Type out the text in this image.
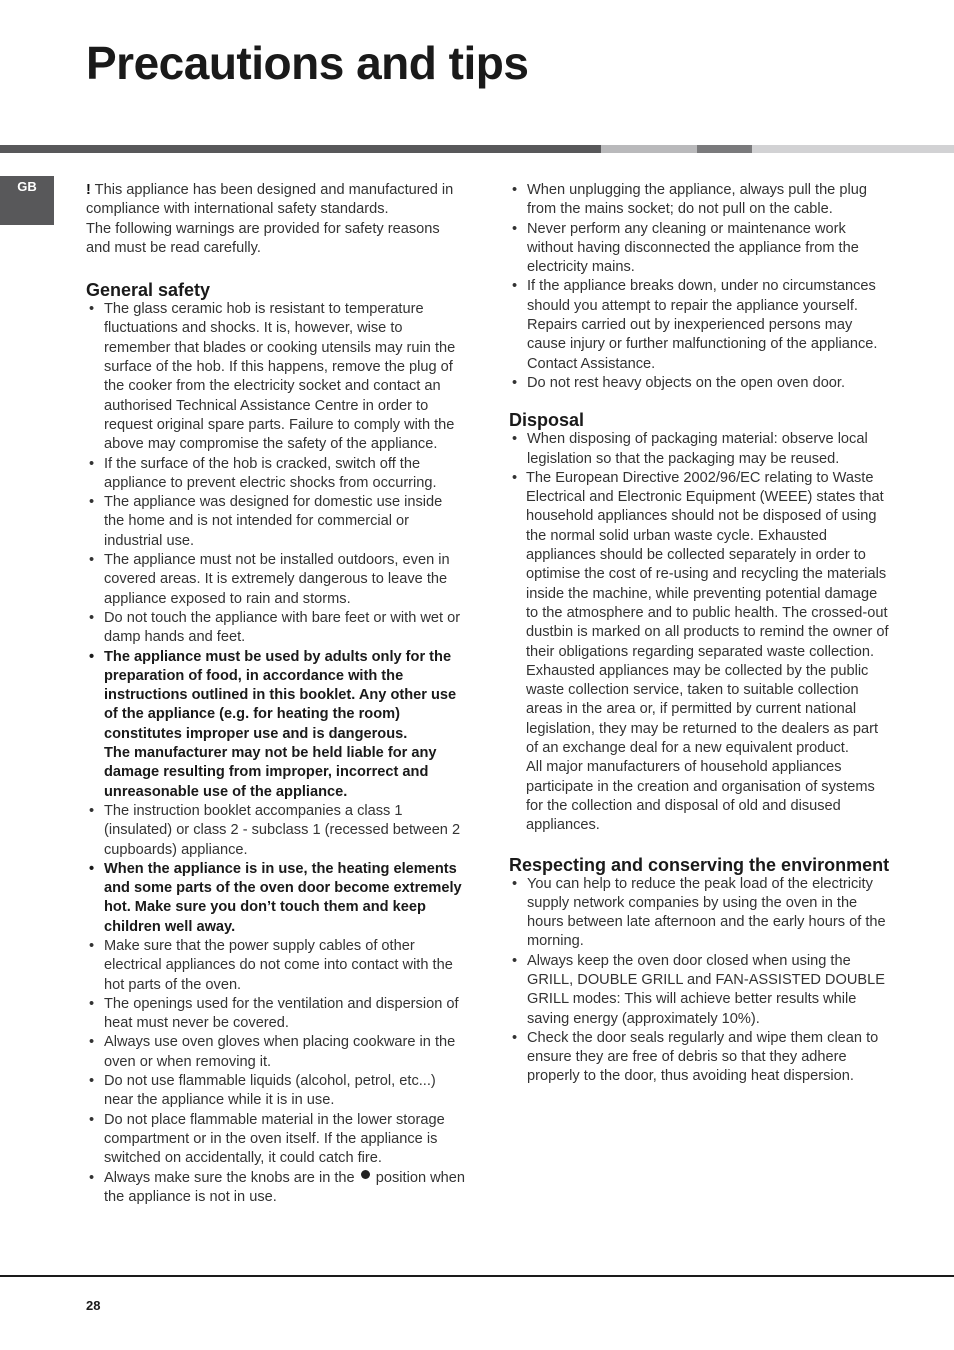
Precautions and tips
GB	! This appliance has been designed and manufactured in compliance with international safety standards.

The following warnings are provided for safety reasons and must be read carefully.

General safety
• The glass ceramic hob is resistant to temperature fluctuations and shocks. It is, however, wise to remember that blades or cooking utensils may ruin the surface of the hob. If this happens, remove the plug of the cooker from the electricity socket and contact an authorised Technical Assistance Centre in order to request original spare parts. Failure to comply with the above may compromise the safety of the appliance.
• If the surface of the hob is cracked, switch off the appliance to prevent electric shocks from occurring.
• The appliance was designed for domestic use inside the home and is not intended for commercial or industrial use.
• The appliance must not be installed outdoors, even in covered areas. It is extremely dangerous to leave the appliance exposed to rain and storms.
• Do not touch the appliance with bare feet or with wet or damp hands and feet.
• The appliance must be used by adults only for the preparation of food, in accordance with the instructions outlined in this booklet. Any other use of the appliance (e.g. for heating the room) constitutes improper use and is dangerous.
The manufacturer may not be held liable for any damage resulting from improper, incorrect and unreasonable use of the appliance.
• The instruction booklet accompanies a class 1 (insulated) or class 2 - subclass 1 (recessed between 2 cupboards) appliance.
• When the appliance is in use, the heating elements and some parts of the oven door become extremely hot. Make sure you don’t touch them and keep children well away.
• Make sure that the power supply cables of other electrical appliances do not come into contact with the hot parts of the oven.
• The openings used for the ventilation and dispersion of heat must never be covered.
• Always use oven gloves when placing cookware in the oven or when removing it.
• Do not use flammable liquids (alcohol, petrol, etc...) near the appliance while it is in use.
• Do not place flammable material in the lower storage compartment or in the oven itself. If the appliance is switched on accidentally, it could catch fire.
• Always make sure the knobs are in the position when the appliance is not in use.
• When unplugging the appliance, always pull the plug from the mains socket; do not pull on the cable.
• Never perform any cleaning or maintenance work without having disconnected the appliance from the electricity mains.
• If the appliance breaks down, under no circumstances should you attempt to repair the appliance yourself. Repairs carried out by inexperienced persons may cause injury or further malfunctioning of the appliance. Contact Assistance.
• Do not rest heavy objects on the open oven door.
Disposal
• When disposing of packaging material: observe local legislation so that the packaging may be reused.
• The European Directive 2002/96/EC relating to Waste Electrical and Electronic Equipment (WEEE) states that household appliances should not be disposed of using the normal solid urban waste cycle. Exhausted appliances should be collected separately in order to optimise the cost of re-using and recycling the materials inside the machine, while preventing potential damage to the atmosphere and to public health. The crossed-out dustbin is marked on all products to remind the owner of their obligations regarding separated waste collection.
Exhausted appliances may be collected by the public waste collection service, taken to suitable collection areas in the area or, if permitted by current national legislation, they may be returned to the dealers as part of an exchange deal for a new equivalent product.
All major manufacturers of household appliances participate in the creation and organisation of systems for the collection and disposal of old and disused appliances.
Respecting and conserving the environment
• You can help to reduce the peak load of the electricity supply network companies by using the oven in the hours between late afternoon and the early hours of the morning.
• Always keep the oven door closed when using the GRILL, DOUBLE GRILL and FAN-ASSISTED DOUBLE GRILL modes: This will achieve better results while saving energy (approximately 10%).
• Check the door seals regularly and wipe them clean to ensure they are free of debris so that they adhere properly to the door, thus avoiding heat dispersion.
28
